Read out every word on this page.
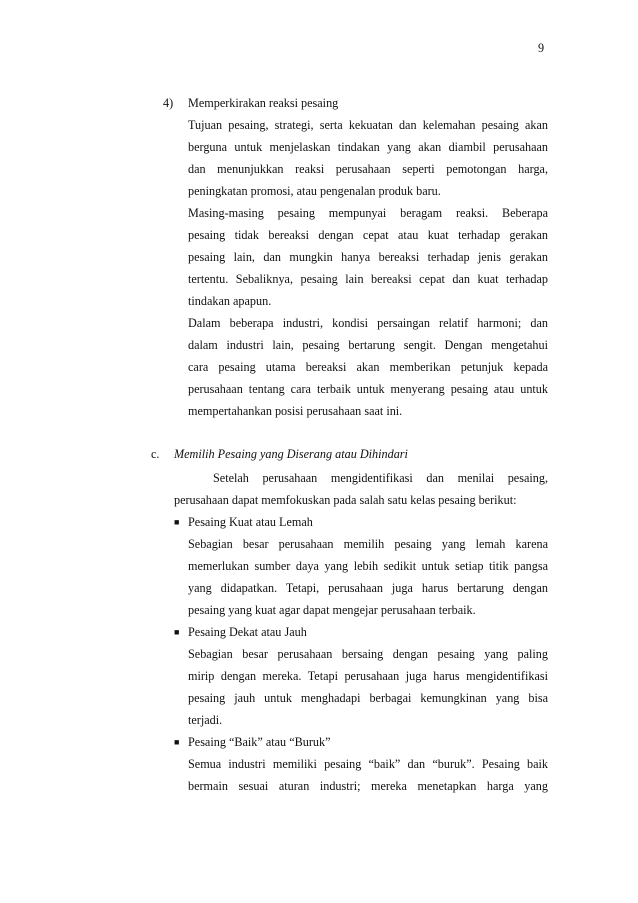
9
4) Memperkirakan reaksi pesaing
Tujuan pesaing, strategi, serta kekuatan dan kelemahan pesaing akan
berguna untuk menjelaskan tindakan yang akan diambil perusahaan
dan menunjukkan reaksi perusahaan seperti pemotongan harga,
peningkatan promosi, atau pengenalan produk baru.
Masing-masing pesaing mempunyai beragam reaksi. Beberapa
pesaing tidak bereaksi dengan cepat atau kuat terhadap gerakan
pesaing lain, dan mungkin hanya bereaksi terhadap jenis gerakan
tertentu. Sebaliknya, pesaing lain bereaksi cepat dan kuat terhadap
tindakan apapun.
Dalam beberapa industri, kondisi persaingan relatif harmoni; dan
dalam industri lain, pesaing bertarung sengit. Dengan mengetahui
cara pesaing utama bereaksi akan memberikan petunjuk kepada
perusahaan tentang cara terbaik untuk menyerang pesaing atau untuk
mempertahankan posisi perusahaan saat ini.
c. Memilih Pesaing yang Diserang atau Dihindari
Setelah perusahaan mengidentifikasi dan menilai pesaing,
perusahaan dapat memfokuskan pada salah satu kelas pesaing berikut:
■ Pesaing Kuat atau Lemah
Sebagian besar perusahaan memilih pesaing yang lemah karena
memerlukan sumber daya yang lebih sedikit untuk setiap titik pangsa
yang didapatkan. Tetapi, perusahaan juga harus bertarung dengan
pesaing yang kuat agar dapat mengejar perusahaan terbaik.
■ Pesaing Dekat atau Jauh
Sebagian besar perusahaan bersaing dengan pesaing yang paling
mirip dengan mereka. Tetapi perusahaan juga harus mengidentifikasi
pesaing jauh untuk menghadapi berbagai kemungkinan yang bisa
terjadi.
■ Pesaing “Baik” atau “Buruk”
Semua industri memiliki pesaing “baik” dan “buruk”. Pesaing baik
bermain sesuai aturan industri; mereka menetapkan harga yang
